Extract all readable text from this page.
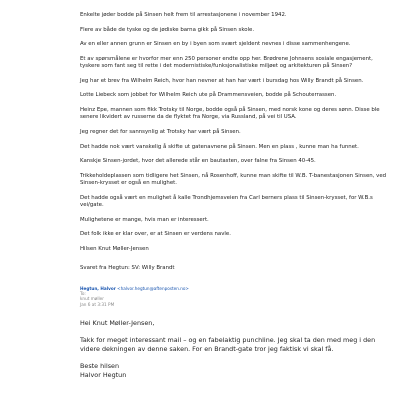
Enkelte jøder bodde på Sinsen helt frem til arrestasjonene i november 1942.

Flere av både de tyske og de jødiske barna gikk på Sinsen skole.

Av en eller annen grunn er Sinsen en by i byen som svært sjeldent nevnes i disse sammenhengene.

Et av spørsmålene er hvorfor mer enn 250 personer endte opp her. Brødrene Johnsens sosiale engasjement, tyskere som fant seg til rette i det modernistiske/funksjonalistiske miljøet og arkitekturen på Sinsen?

Jeg har et brev fra Wilhelm Reich, hvor han nevner at han har vært i bursdag hos Willy Brandt på Sinsen.

Lotte Liebeck som jobbet for Wilhelm Reich ute på Drammensveien, bodde på Schouterrassen.

Heinz Epe, mannen som fikk Trotsky til Norge, bodde også på Sinsen, med norsk kone og deres sønn. Disse ble senere likvidert av russerne da de flyktet fra Norge, via Russland, på vei til USA.

Jeg regner det for sannsynlig at Trotsky har vært på Sinsen.

Det hadde nok vært vanskelig å skifte ut gatenavnene på Sinsen. Men en plass , kunne man ha funnet.

Kanskje Sinsen-jordet, hvor det allerede står en bautasten, over falne fra Sinsen 40-45.

Trikkeholdeplassen som tidligere het Sinsen, nå Rosenhoff, kunne man skifte til W.B. T-banestasjonen Sinsen, ved Sinsen-krysset er også en mulighet.

Det hadde også vært en mulighet å kalle Trondhjemsveien fra Carl berners plass til Sinsen-krysset, for W.B.s vei/gate.

Mulighetene er mange, hvis man er interessert.

Det folk ikke er klar over, er at Sinsen er verdens navle.

Hilsen Knut Møller-Jensen

Svaret fra Hegtun: SV: Willy Brandt

Hegtun, Halvor <halvor.hegtun@aftenposten.no>
To:
knut møller
Jan 6 at 3:31 PM

Hei Knut Møller-Jensen,

Takk for meget interessant mail – og en fabelaktig punchline. Jeg skal ta den med meg i den videre dekningen av denne saken. For en Brandt-gate tror jeg faktisk vi skal få.

Beste hilsen
Halvor Hegtun
